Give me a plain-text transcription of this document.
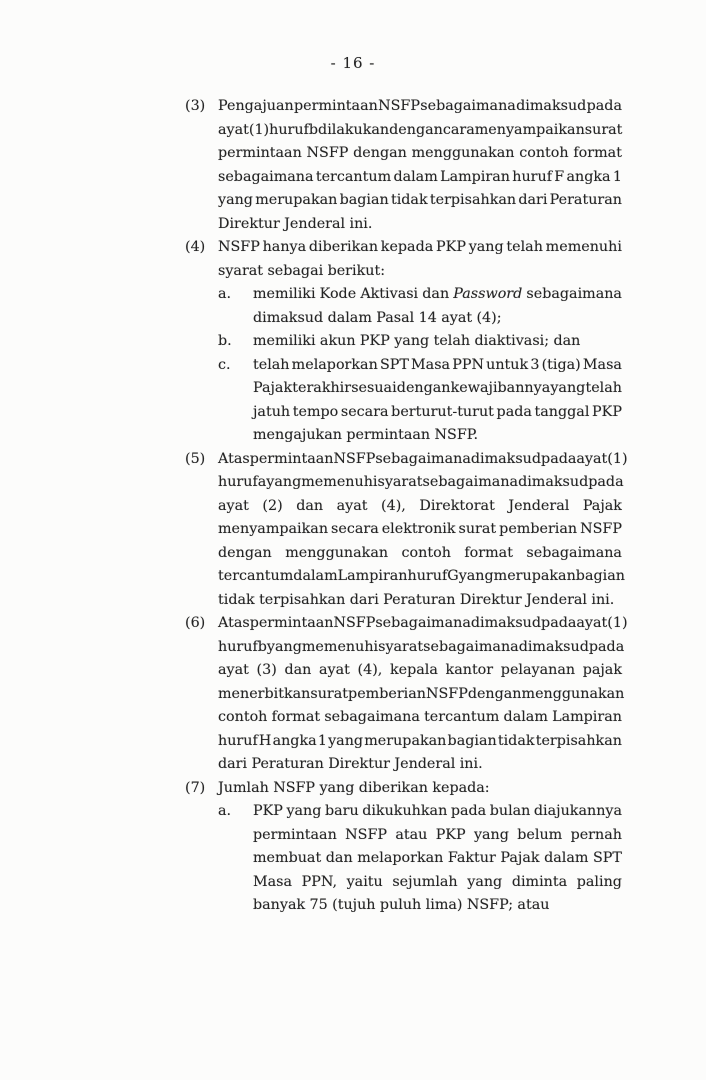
- 16 -
(3) Pengajuan permintaan NSFP sebagaimana dimaksud pada
ayat (1) huruf b dilakukan dengan cara menyampaikan surat
permintaan NSFP dengan menggunakan contoh format
sebagaimana tercantum dalam Lampiran huruf F angka 1
yang merupakan bagian tidak terpisahkan dari Peraturan
Direktur Jenderal ini.
(4) NSFP hanya diberikan kepada PKP yang telah memenuhi
syarat sebagai berikut:
a.	memiliki Kode Aktivasi dan Password sebagaimana
dimaksud dalam Pasal 14 ayat (4);
b.	memiliki akun PKP yang telah diaktivasi; dan
c.	telah melaporkan SPT Masa PPN untuk 3 (tiga) Masa
Pajak terakhir sesuai dengan kewajibannya yang telah
jatuh tempo secara berturut-turut pada tanggal PKP
mengajukan permintaan NSFP.
(5) Atas permintaan NSFP sebagaimana dimaksud pada ayat (1)
huruf a yang memenuhi syarat sebagaimana dimaksud pada
ayat (2) dan ayat (4), Direktorat Jenderal Pajak
menyampaikan secara elektronik surat pemberian NSFP
dengan menggunakan contoh format sebagaimana
tercantum dalam Lampiran huruf G yang merupakan bagian
tidak terpisahkan dari Peraturan Direktur Jenderal ini.
(6) Atas permintaan NSFP sebagaimana dimaksud pada ayat (1)
huruf b yang memenuhi syarat sebagaimana dimaksud pada
ayat (3) dan ayat (4), kepala kantor pelayanan pajak
menerbitkan surat pemberian NSFP dengan menggunakan
contoh format sebagaimana tercantum dalam Lampiran
huruf H angka 1 yang merupakan bagian tidak terpisahkan
dari Peraturan Direktur Jenderal ini.
(7) Jumlah NSFP yang diberikan kepada:
a.	PKP yang baru dikukuhkan pada bulan diajukannya
permintaan NSFP atau PKP yang belum pernah
membuat dan melaporkan Faktur Pajak dalam SPT
Masa PPN, yaitu sejumlah yang diminta paling
banyak 75 (tujuh puluh lima) NSFP; atau
